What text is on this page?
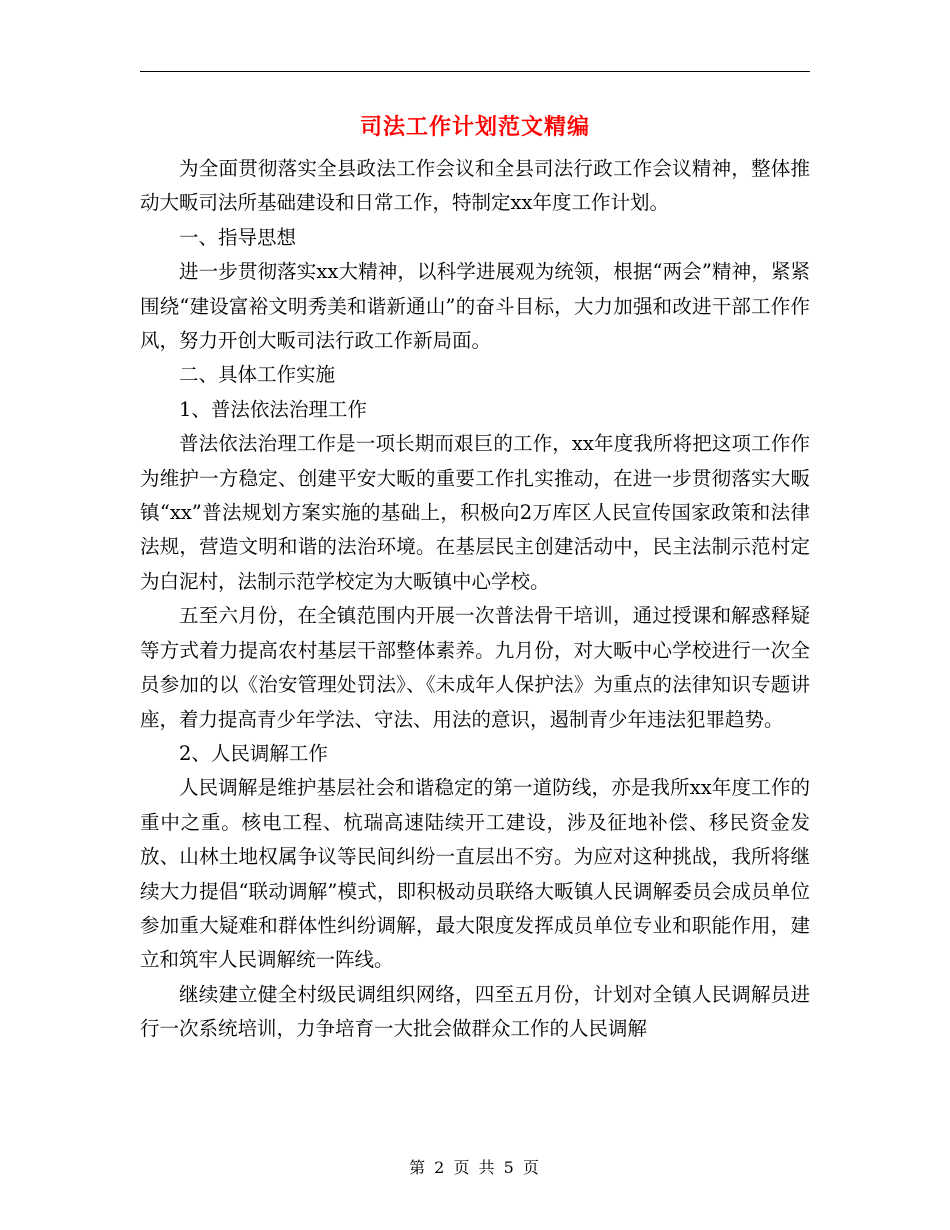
司法工作计划范文精编

为全面贯彻落实全县政法工作会议和全县司法行政工作会议精神，整体推动大畈司法所基础建设和日常工作，特制定xx年度工作计划。

一、指导思想

进一步贯彻落实xx大精神，以科学进展观为统领，根据“两会”精神，紧紧围绕“建设富裕文明秀美和谐新通山”的奋斗目标，大力加强和改进干部工作作风，努力开创大畈司法行政工作新局面。

二、具体工作实施

1、普法依法治理工作

普法依法治理工作是一项长期而艰巨的工作，xx年度我所将把这项工作作为维护一方稳定、创建平安大畈的重要工作扎实推动，在进一步贯彻落实大畈镇“xx”普法规划方案实施的基础上，积极向2万库区人民宣传国家政策和法律法规，营造文明和谐的法治环境。在基层民主创建活动中，民主法制示范村定为白泥村，法制示范学校定为大畈镇中心学校。

五至六月份，在全镇范围内开展一次普法骨干培训，通过授课和解惑释疑等方式着力提高农村基层干部整体素养。九月份，对大畈中心学校进行一次全员参加的以《治安管理处罚法》、《未成年人保护法》为重点的法律知识专题讲座，着力提高青少年学法、守法、用法的意识，遏制青少年违法犯罪趋势。

2、人民调解工作

人民调解是维护基层社会和谐稳定的第一道防线，亦是我所xx年度工作的重中之重。核电工程、杭瑞高速陆续开工建设，涉及征地补偿、移民资金发放、山林土地权属争议等民间纠纷一直层出不穷。为应对这种挑战，我所将继续大力提倡“联动调解”模式，即积极动员联络大畈镇人民调解委员会成员单位参加重大疑难和群体性纠纷调解，最大限度发挥成员单位专业和职能作用，建立和筑牢人民调解统一阵线。

继续建立健全村级民调组织网络，四至五月份，计划对全镇人民调解员进行一次系统培训，力争培育一大批会做群众工作的人民调解

第 2 页 共 5 页
